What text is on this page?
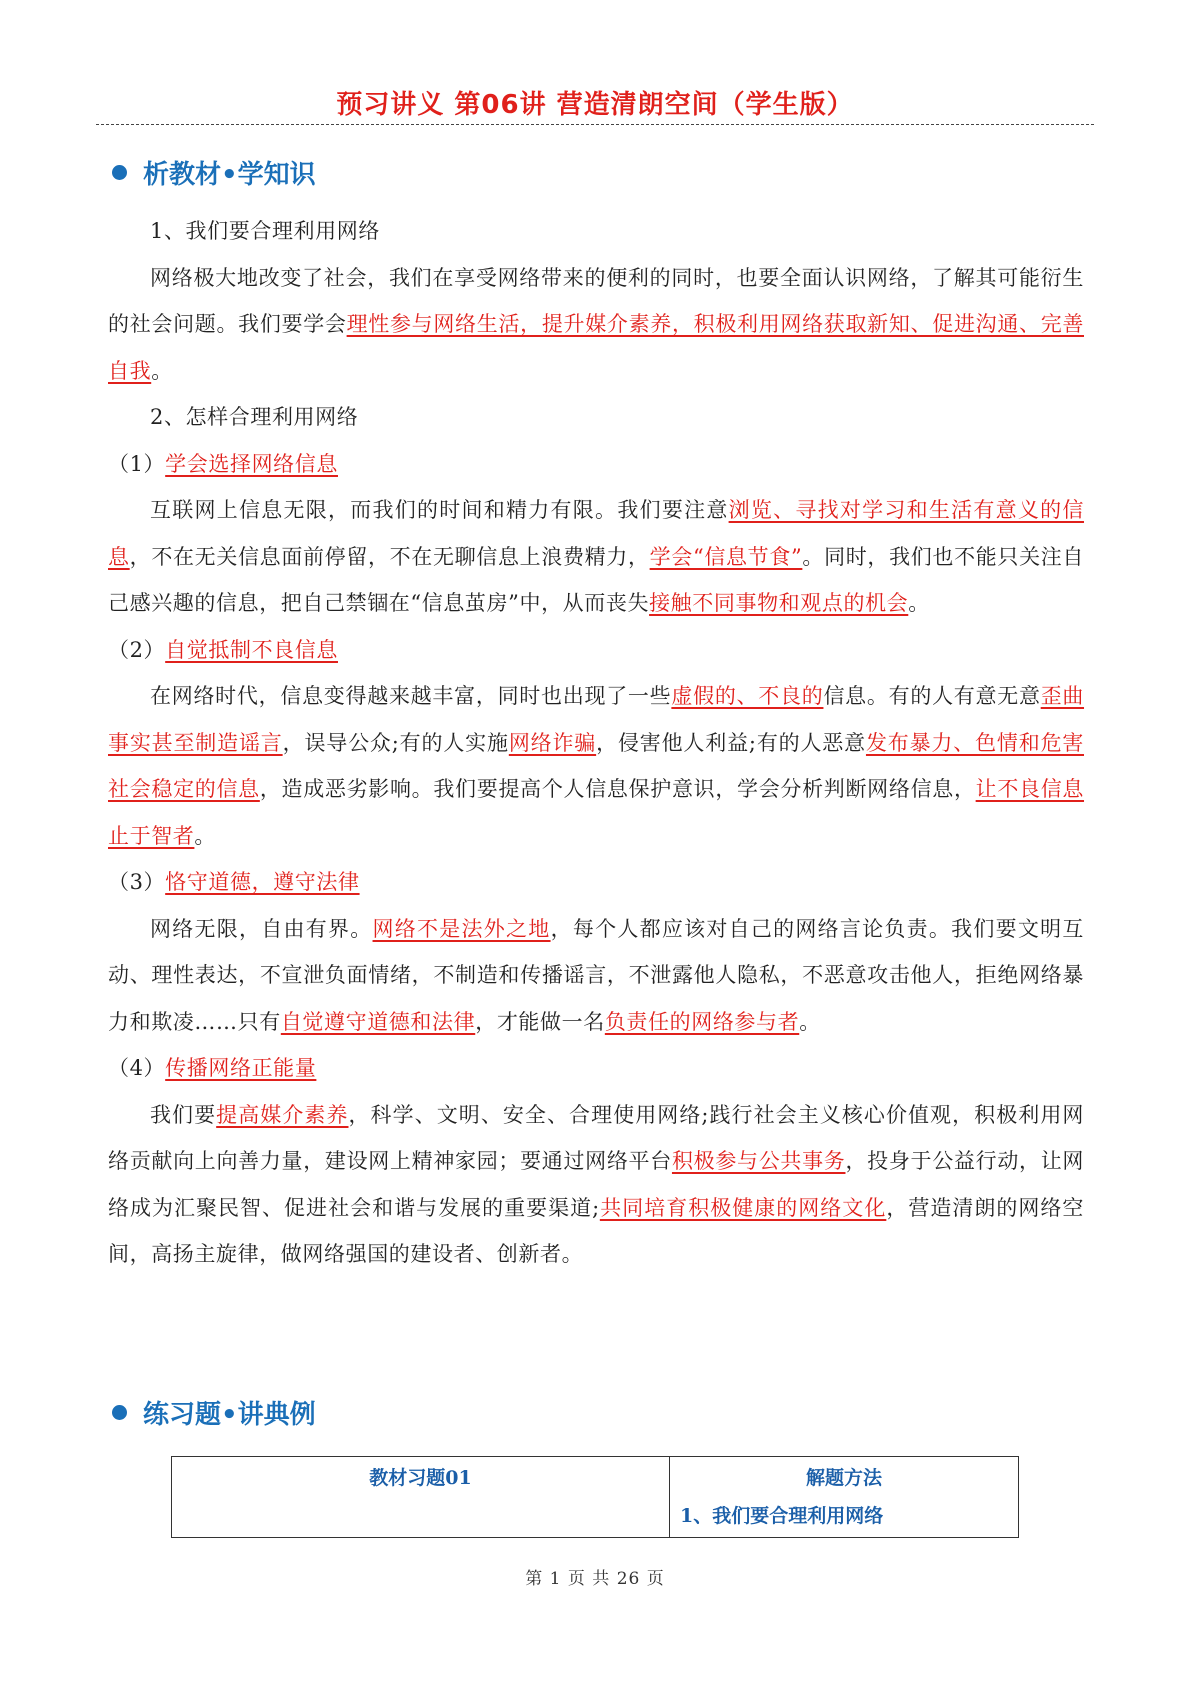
预习讲义 第06讲 营造清朗空间（学生版）
析教材•学知识

1、我们要合理利用网络

网络极大地改变了社会，我们在享受网络带来的便利的同时，也要全面认识网络，了解其可能衍生的社会问题。我们要学会理性参与网络生活，提升媒介素养，积极利用网络获取新知、促进沟通、完善自我。

2、怎样合理利用网络

（1）学会选择网络信息

互联网上信息无限，而我们的时间和精力有限。我们要注意浏览、寻找对学习和生活有意义的信息，不在无关信息面前停留，不在无聊信息上浪费精力，学会“信息节食”。同时，我们也不能只关注自己感兴趣的信息，把自己禁锢在“信息茧房”中，从而丧失接触不同事物和观点的机会。

（2）自觉抵制不良信息

在网络时代，信息变得越来越丰富，同时也出现了一些虚假的、不良的信息。有的人有意无意歪曲事实甚至制造谣言，误导公众;有的人实施网络诈骗，侵害他人利益;有的人恶意发布暴力、色情和危害社会稳定的信息，造成恶劣影响。我们要提高个人信息保护意识，学会分析判断网络信息，让不良信息止于智者。

（3）恪守道德，遵守法律

网络无限，自由有界。网络不是法外之地，每个人都应该对自己的网络言论负责。我们要文明互动、理性表达，不宣泄负面情绪，不制造和传播谣言，不泄露他人隐私，不恶意攻击他人，拒绝网络暴力和欺凌……只有自觉遵守道德和法律，才能做一名负责任的网络参与者。

（4）传播网络正能量

我们要提高媒介素养，科学、文明、安全、合理使用网络;践行社会主义核心价值观，积极利用网络贡献向上向善力量，建设网上精神家园；要通过网络平台积极参与公共事务，投身于公益行动，让网络成为汇聚民智、促进社会和谐与发展的重要渠道;共同培育积极健康的网络文化，营造清朗的网络空间，高扬主旋律，做网络强国的建设者、创新者。

练习题•讲典例
教材习题01	解题方法
1、我们要合理利用网络
第 1 页 共 26 页
